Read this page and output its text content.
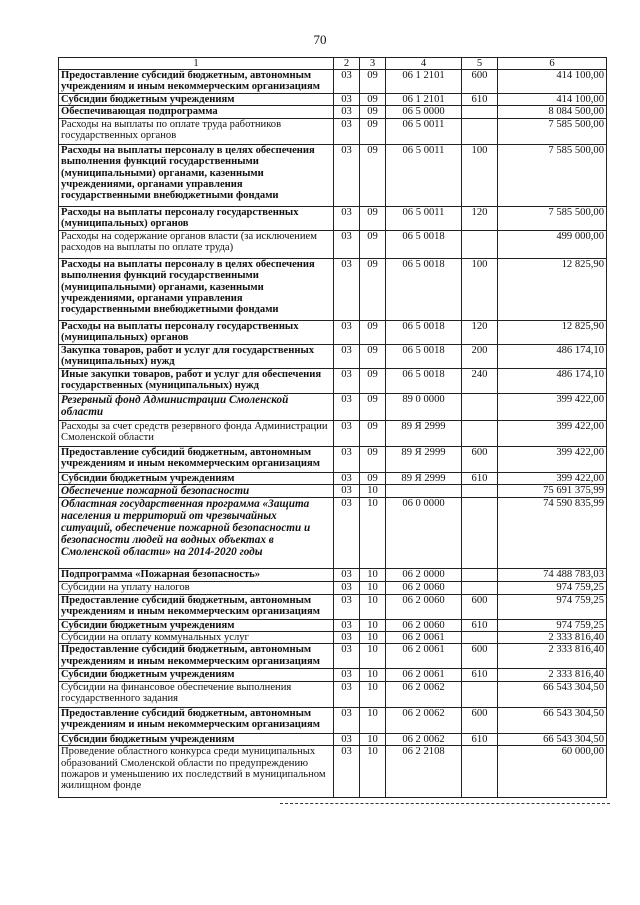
70
1	2	3	4	5	6
Предоставление субсидий бюджетным, автономным учреждениям и иным некоммерческим организациям	03	09	06 1 2101	600	414 100,00
Субсидии бюджетным учреждениям	03	09	06 1 2101	610	414 100,00
Обеспечивающая подпрограмма	03	09	06 5 0000		8 084 500,00
Расходы на выплаты по оплате труда работников государственных органов	03	09	06 5 0011		7 585 500,00
Расходы на выплаты персоналу в целях обеспечения выполнения функций государственными (муниципальными) органами, казенными учреждениями, органами управления государственными внебюджетными фондами	03	09	06 5 0011	100	7 585 500,00
Расходы на выплаты персоналу государственных (муниципальных) органов	03	09	06 5 0011	120	7 585 500,00
Расходы на содержание органов власти (за исключением расходов на выплаты по оплате труда)	03	09	06 5 0018		499 000,00
Расходы на выплаты персоналу в целях обеспечения выполнения функций государственными (муниципальными) органами, казенными учреждениями, органами управления государственными внебюджетными фондами	03	09	06 5 0018	100	12 825,90
Расходы на выплаты персоналу государственных (муниципальных) органов	03	09	06 5 0018	120	12 825,90
Закупка товаров, работ и услуг для государственных (муниципальных) нужд	03	09	06 5 0018	200	486 174,10
Иные закупки товаров, работ и услуг для обеспечения государственных (муниципальных) нужд	03	09	06 5 0018	240	486 174,10
Резервный фонд Администрации Смоленской области	03	09	89 0 0000		399 422,00
Расходы за счет средств резервного фонда Администрации Смоленской области	03	09	89 Я 2999		399 422,00
Предоставление субсидий бюджетным, автономным учреждениям и иным некоммерческим организациям	03	09	89 Я 2999	600	399 422,00
Субсидии бюджетным учреждениям	03	09	89 Я 2999	610	399 422,00
Обеспечение пожарной безопасности	03	10			75 691 375,99
Областная государственная программа «Защита населения и территорий от чрезвычайных ситуаций, обеспечение пожарной безопасности и безопасности людей на водных объектах в Смоленской области» на 2014-2020 годы	03	10	06 0 0000		74 590 835,99
Подпрограмма «Пожарная безопасность»	03	10	06 2 0000		74 488 783,03
Субсидии на уплату налогов	03	10	06 2 0060		974 759,25
Предоставление субсидий бюджетным, автономным учреждениям и иным некоммерческим организациям	03	10	06 2 0060	600	974 759,25
Субсидии бюджетным учреждениям	03	10	06 2 0060	610	974 759,25
Субсидии на оплату коммунальных услуг	03	10	06 2 0061		2 333 816,40
Предоставление субсидий бюджетным, автономным учреждениям и иным некоммерческим организациям	03	10	06 2 0061	600	2 333 816,40
Субсидии бюджетным учреждениям	03	10	06 2 0061	610	2 333 816,40
Субсидии на финансовое обеспечение выполнения государственного задания	03	10	06 2 0062		66 543 304,50
Предоставление субсидий бюджетным, автономным учреждениям и иным некоммерческим организациям	03	10	06 2 0062	600	66 543 304,50
Субсидии бюджетным учреждениям	03	10	06 2 0062	610	66 543 304,50
Проведение областного конкурса среди муниципальных образований Смоленской области по предупреждению пожаров и уменьшению их последствий в муниципальном жилищном фонде	03	10	06 2 2108		60 000,00
